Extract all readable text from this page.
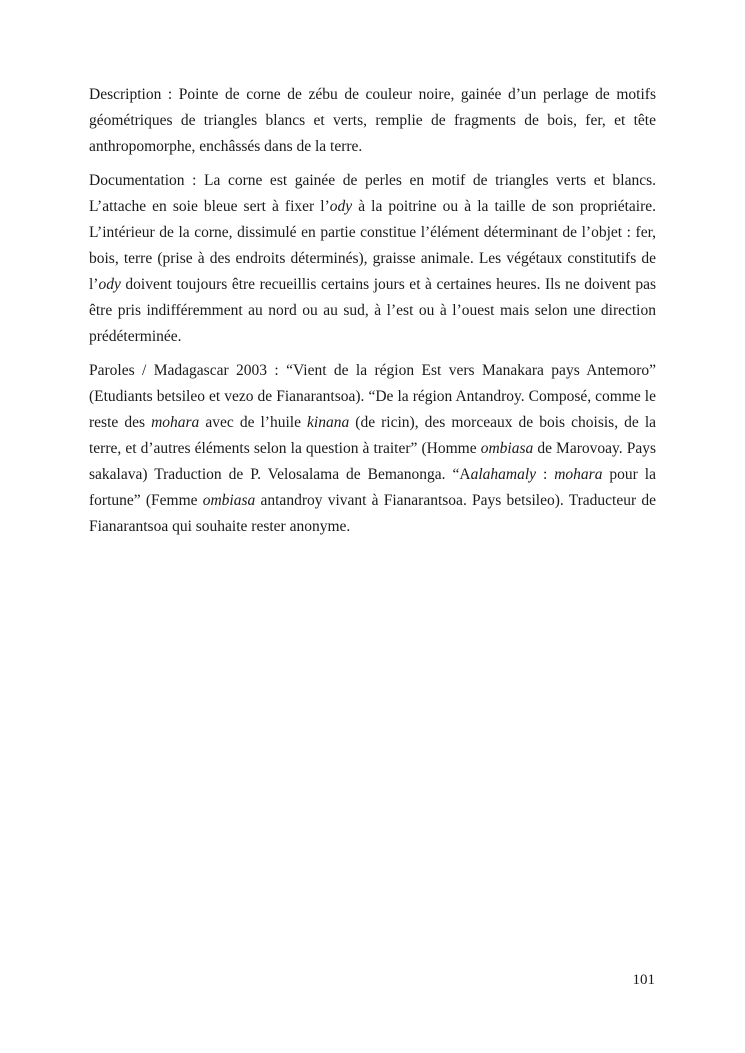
Description : Pointe de corne de zébu de couleur noire, gainée d’un perlage de motifs géométriques de triangles blancs et verts, remplie de fragments de bois, fer, et tête anthropomorphe, enchâssés dans de la terre.

Documentation : La corne est gainée de perles en motif de triangles verts et blancs. L’attache en soie bleue sert à fixer l’ody à la poitrine ou à la taille de son propriétaire. L’intérieur de la corne, dissimulé en partie constitue l’élément déterminant de l’objet : fer, bois, terre (prise à des endroits déterminés), graisse animale. Les végétaux constitutifs de l’ody doivent toujours être recueillis certains jours et à certaines heures. Ils ne doivent pas être pris indifféremment au nord ou au sud, à l’est ou à l’ouest mais selon une direction prédéterminée.

Paroles / Madagascar 2003 : “Vient de la région Est vers Manakara pays Antemoro” (Etudiants betsileo et vezo de Fianarantsoa). “De la région Antandroy. Composé, comme le reste des mohara avec de l’huile kinana (de ricin), des morceaux de bois choisis, de la terre, et d’autres éléments selon la question à traiter” (Homme ombiasa de Marovoay. Pays sakalava) Traduction de P. Velosalama de Bemanonga. “Aalahamaly : mohara pour la fortune” (Femme ombiasa antandroy vivant à Fianarantsoa. Pays betsileo). Traducteur de Fianarantsoa qui souhaite rester anonyme.

101
